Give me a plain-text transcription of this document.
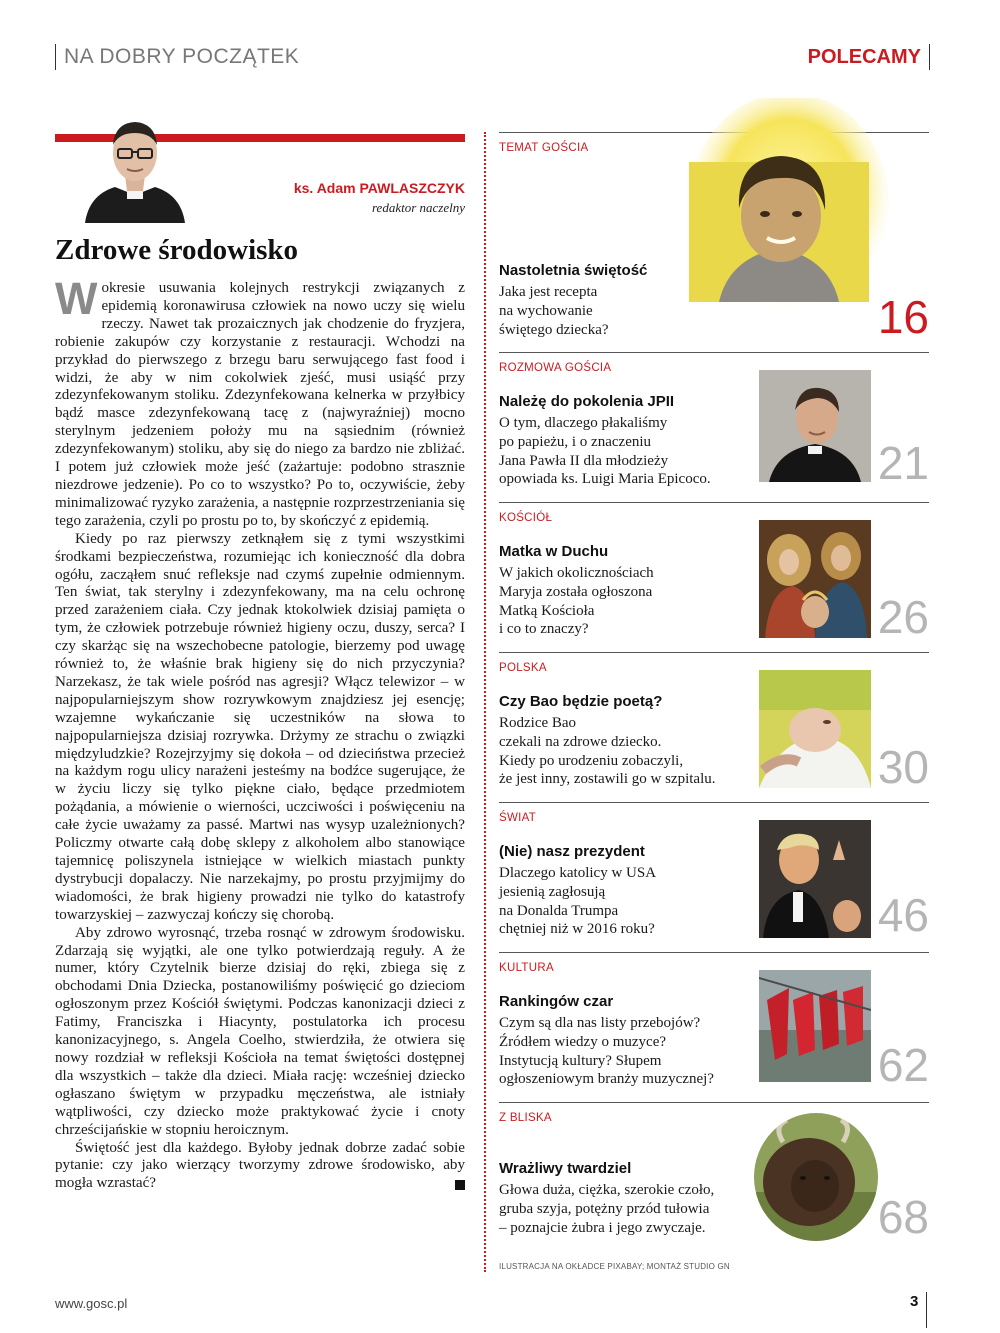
NA DOBRY POCZĄTEK	POLECAMY
ks. Adam PAWLASZCZYK
redaktor naczelny
Zdrowe środowisko

Wokresie usuwania kolejnych restrykcji związanych z epidemią koronawirusa człowiek na nowo uczy się wielu rzeczy. Nawet tak prozaicznych jak chodzenie do fryzjera, robienie zakupów czy korzystanie z restauracji. Wchodzi na przykład do pierwszego z brzegu baru serwującego fast food i widzi, że aby w nim cokolwiek zjeść, musi usiąść przy zdezynfekowanym stoliku. Zdezynfekowana kelnerka w przyłbicy bądź masce zdezynfekowaną tacę z (najwyraźniej) mocno sterylnym jedzeniem położy mu na sąsiednim (również zdezynfekowanym) stoliku, aby się do niego za bardzo nie zbliżać. I potem już człowiek może jeść (zażartuje: podobno strasznie niezdrowe jedzenie). Po co to wszystko? Po to, oczywiście, żeby minimalizować ryzyko zarażenia, a następnie rozprzestrzeniania się tego zarażenia, czyli po prostu po to, by skończyć z epidemią.

Kiedy po raz pierwszy zetknąłem się z tymi wszystkimi środkami bezpieczeństwa, rozumiejąc ich konieczność dla dobra ogółu, zacząłem snuć refleksje nad czymś zupełnie odmiennym. Ten świat, tak sterylny i zdezynfekowany, ma na celu ochronę przed zarażeniem ciała. Czy jednak ktokolwiek dzisiaj pamięta o tym, że człowiek potrzebuje również higieny oczu, duszy, serca? I czy skarżąc się na wszechobecne patologie, bierzemy pod uwagę również to, że właśnie brak higieny się do nich przyczynia? Narzekasz, że tak wiele pośród nas agresji? Włącz telewizor – w najpopularniejszym show rozrywkowym znajdziesz jej esencję; wzajemne wykańczanie się uczestników na słowa to najpopularniejsza dzisiaj rozrywka. Drżymy ze strachu o związki międzyludzkie? Rozejrzyjmy się dokoła – od dzieciństwa przecież na każdym rogu ulicy narażeni jesteśmy na bodźce sugerujące, że w życiu liczy się tylko piękne ciało, będące przedmiotem pożądania, a mówienie o wierności, uczciwości i poświęceniu na całe życie uważamy za passé. Martwi nas wysyp uzależnionych? Policzmy otwarte całą dobę sklepy z alkoholem albo stanowiące tajemnicę poliszynela istniejące w wielkich miastach punkty dystrybucji dopalaczy. Nie narzekajmy, po prostu przyjmijmy do wiadomości, że brak higieny prowadzi nie tylko do katastrofy towarzyskiej – zazwyczaj kończy się chorobą.

Aby zdrowo wyrosnąć, trzeba rosnąć w zdrowym środowisku. Zdarzają się wyjątki, ale one tylko potwierdzają reguły. A że numer, który Czytelnik bierze dzisiaj do ręki, zbiega się z obchodami Dnia Dziecka, postanowiliśmy poświęcić go dzieciom ogłoszonym przez Kościół świętymi. Podczas kanonizacji dzieci z Fatimy, Franciszka i Hiacynty, postulatorka ich procesu kanonizacyjnego, s. Angela Coelho, stwierdziła, że otwiera się nowy rozdział w refleksji Kościoła na temat świętości dostępnej dla wszystkich – także dla dzieci. Miała rację: wcześniej dziecko ogłaszano świętym w przypadku męczeństwa, ale istniały wątpliwości, czy dziecko może praktykować życie i cnoty chrześcijańskie w stopniu heroicznym.

Świętość jest dla każdego. Byłoby jednak dobrze zadać sobie pytanie: czy jako wierzący tworzymy zdrowe środowisko, aby mogła wzrastać?

TEMAT GOŚCIA
Nastoletnia świętość
Jaka jest recepta
na wychowanie
świętego dziecka?	16
ROZMOWA GOŚCIA
Należę do pokolenia JPII
O tym, dlaczego płakaliśmy
po papieżu, i o znaczeniu
Jana Pawła II dla młodzieży
opowiada ks. Luigi Maria Epicoco.	21
KOŚCIÓŁ
Matka w Duchu
W jakich okolicznościach
Maryja została ogłoszona
Matką Kościoła
i co to znaczy?	26
POLSKA
Czy Bao będzie poetą?
Rodzice Bao
czekali na zdrowe dziecko.
Kiedy po urodzeniu zobaczyli,
że jest inny, zostawili go w szpitalu.	30
ŚWIAT
(Nie) nasz prezydent
Dlaczego katolicy w USA
jesienią zagłosują
na Donalda Trumpa
chętniej niż w 2016 roku?	46
KULTURA
Rankingów czar
Czym są dla nas listy przebojów?
Źródłem wiedzy o muzyce?
Instytucją kultury? Słupem
ogłoszeniowym branży muzycznej?	62
Z BLISKA
Wrażliwy twardziel
Głowa duża, ciężka, szerokie czoło,
gruba szyja, potężny przód tułowia
– poznajcie żubra i jego zwyczaje.	68
ILUSTRACJA NA OKŁADCE PIXABAY; MONTAŻ STUDIO GN
www.gosc.pl	3
